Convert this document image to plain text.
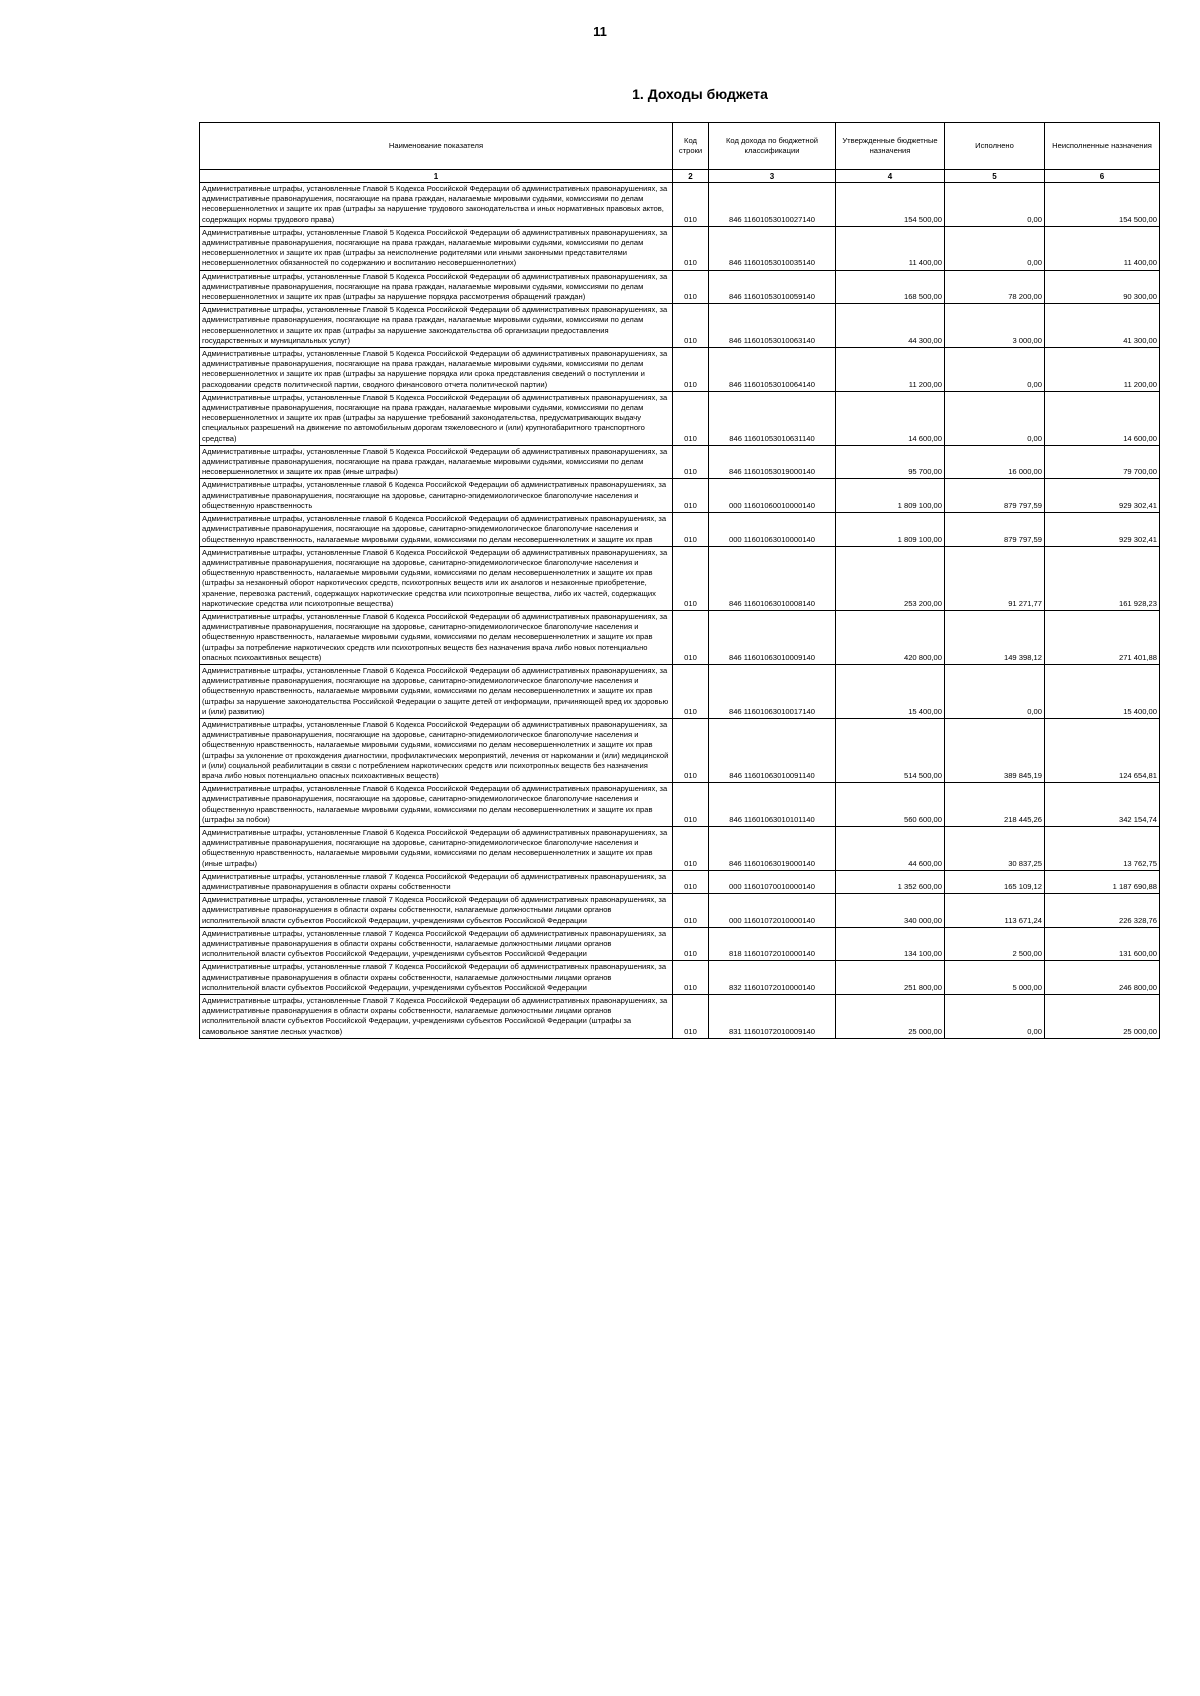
11
1. Доходы бюджета
Наименование показателя	Код строки	Код дохода по бюджетной классификации	Утвержденные бюджетные назначения	Исполнено	Неисполненные назначения
1	2	3	4	5	6
Административные штрафы, установленные Главой 5 Кодекса Российской Федерации об административных правонарушениях, за административные правонарушения, посягающие на права граждан, налагаемые мировыми судьями, комиссиями по делам несовершеннолетних и защите их прав (штрафы за нарушение трудового законодательства и иных нормативных правовых актов, содержащих нормы трудового права)	010	846 11601053010027140	154 500,00	0,00	154 500,00
Административные штрафы, установленные Главой 5 Кодекса Российской Федерации об административных правонарушениях, за административные правонарушения, посягающие на права граждан, налагаемые мировыми судьями, комиссиями по делам несовершеннолетних и защите их прав (штрафы за неисполнение родителями или иными законными представителями несовершеннолетних обязанностей по содержанию и воспитанию несовершеннолетних)	010	846 11601053010035140	11 400,00	0,00	11 400,00
Административные штрафы, установленные Главой 5 Кодекса Российской Федерации об административных правонарушениях, за административные правонарушения, посягающие на права граждан, налагаемые мировыми судьями, комиссиями по делам несовершеннолетних и защите их прав (штрафы за нарушение порядка рассмотрения обращений граждан)	010	846 11601053010059140	168 500,00	78 200,00	90 300,00
Административные штрафы, установленные Главой 5 Кодекса Российской Федерации об административных правонарушениях, за административные правонарушения, посягающие на права граждан, налагаемые мировыми судьями, комиссиями по делам несовершеннолетних и защите их прав (штрафы за нарушение законодательства об организации предоставления государственных и муниципальных услуг)	010	846 11601053010063140	44 300,00	3 000,00	41 300,00
Административные штрафы, установленные Главой 5 Кодекса Российской Федерации об административных правонарушениях, за административные правонарушения, посягающие на права граждан, налагаемые мировыми судьями, комиссиями по делам несовершеннолетних и защите их прав (штрафы за нарушение порядка или срока представления сведений о поступлении и расходовании средств политической партии, сводного финансового отчета политической партии)	010	846 11601053010064140	11 200,00	0,00	11 200,00
Административные штрафы, установленные Главой 5 Кодекса Российской Федерации об административных правонарушениях, за административные правонарушения, посягающие на права граждан, налагаемые мировыми судьями, комиссиями по делам несовершеннолетних и защите их прав (штрафы за нарушение требований законодательства, предусматривающих выдачу специальных разрешений на движение по автомобильным дорогам тяжеловесного и (или) крупногабаритного транспортного средства)	010	846 11601053010631140	14 600,00	0,00	14 600,00
Административные штрафы, установленные Главой 5 Кодекса Российской Федерации об административных правонарушениях, за административные правонарушения, посягающие на права граждан, налагаемые мировыми судьями, комиссиями по делам несовершеннолетних и защите их прав (иные штрафы)	010	846 11601053019000140	95 700,00	16 000,00	79 700,00
Административные штрафы, установленные главой 6 Кодекса Российской Федерации об административных правонарушениях, за административные правонарушения, посягающие на здоровье, санитарно-эпидемиологическое благополучие населения и общественную нравственность	010	000 11601060010000140	1 809 100,00	879 797,59	929 302,41
Административные штрафы, установленные главой 6 Кодекса Российской Федерации об административных правонарушениях, за административные правонарушения, посягающие на здоровье, санитарно-эпидемиологическое благополучие населения и общественную нравственность, налагаемые мировыми судьями, комиссиями по делам несовершеннолетних и защите их прав	010	000 11601063010000140	1 809 100,00	879 797,59	929 302,41
Административные штрафы, установленные Главой 6 Кодекса Российской Федерации об административных правонарушениях, за административные правонарушения, посягающие на здоровье, санитарно-эпидемиологическое благополучие населения и общественную нравственность, налагаемые мировыми судьями, комиссиями по делам несовершеннолетних и защите их прав (штрафы за незаконный оборот наркотических средств, психотропных веществ или их аналогов и незаконные приобретение, хранение, перевозка растений, содержащих наркотические средства или психотропные вещества, либо их частей, содержащих наркотические средства или психотропные вещества)	010	846 11601063010008140	253 200,00	91 271,77	161 928,23
Административные штрафы, установленные Главой 6 Кодекса Российской Федерации об административных правонарушениях, за административные правонарушения, посягающие на здоровье, санитарно-эпидемиологическое благополучие населения и общественную нравственность, налагаемые мировыми судьями, комиссиями по делам несовершеннолетних и защите их прав (штрафы за потребление наркотических средств или психотропных веществ без назначения врача либо новых потенциально опасных психоактивных веществ)	010	846 11601063010009140	420 800,00	149 398,12	271 401,88
Административные штрафы, установленные Главой 6 Кодекса Российской Федерации об административных правонарушениях, за административные правонарушения, посягающие на здоровье, санитарно-эпидемиологическое благополучие населения и общественную нравственность, налагаемые мировыми судьями, комиссиями по делам несовершеннолетних и защите их прав (штрафы за нарушение законодательства Российской Федерации о защите детей от информации, причиняющей вред их здоровью и (или) развитию)	010	846 11601063010017140	15 400,00	0,00	15 400,00
Административные штрафы, установленные Главой 6 Кодекса Российской Федерации об административных правонарушениях, за административные правонарушения, посягающие на здоровье, санитарно-эпидемиологическое благополучие населения и общественную нравственность, налагаемые мировыми судьями, комиссиями по делам несовершеннолетних и защите их прав (штрафы за уклонение от прохождения диагностики, профилактических мероприятий, лечения от наркомании и (или) медицинской и (или) социальной реабилитации в связи с потреблением наркотических средств или психотропных веществ без назначения врача либо новых потенциально опасных психоактивных веществ)	010	846 11601063010091140	514 500,00	389 845,19	124 654,81
Административные штрафы, установленные Главой 6 Кодекса Российской Федерации об административных правонарушениях, за административные правонарушения, посягающие на здоровье, санитарно-эпидемиологическое благополучие населения и общественную нравственность, налагаемые мировыми судьями, комиссиями по делам несовершеннолетних и защите их прав (штрафы за побои)	010	846 11601063010101140	560 600,00	218 445,26	342 154,74
Административные штрафы, установленные Главой 6 Кодекса Российской Федерации об административных правонарушениях, за административные правонарушения, посягающие на здоровье, санитарно-эпидемиологическое благополучие населения и общественную нравственность, налагаемые мировыми судьями, комиссиями по делам несовершеннолетних и защите их прав (иные штрафы)	010	846 11601063019000140	44 600,00	30 837,25	13 762,75
Административные штрафы, установленные главой 7 Кодекса Российской Федерации об административных правонарушениях, за административные правонарушения в области охраны собственности	010	000 11601070010000140	1 352 600,00	165 109,12	1 187 690,88
Административные штрафы, установленные главой 7 Кодекса Российской Федерации об административных правонарушениях, за административные правонарушения в области охраны собственности, налагаемые должностными лицами органов исполнительной власти субъектов Российской Федерации, учреждениями субъектов Российской Федерации	010	000 11601072010000140	340 000,00	113 671,24	226 328,76
Административные штрафы, установленные главой 7 Кодекса Российской Федерации об административных правонарушениях, за административные правонарушения в области охраны собственности, налагаемые должностными лицами органов исполнительной власти субъектов Российской Федерации, учреждениями субъектов Российской Федерации	010	818 11601072010000140	134 100,00	2 500,00	131 600,00
Административные штрафы, установленные главой 7 Кодекса Российской Федерации об административных правонарушениях, за административные правонарушения в области охраны собственности, налагаемые должностными лицами органов исполнительной власти субъектов Российской Федерации, учреждениями субъектов Российской Федерации	010	832 11601072010000140	251 800,00	5 000,00	246 800,00
Административные штрафы, установленные Главой 7 Кодекса Российской Федерации об административных правонарушениях, за административные правонарушения в области охраны собственности, налагаемые должностными лицами органов исполнительной власти субъектов Российской Федерации, учреждениями субъектов Российской Федерации (штрафы за самовольное занятие лесных участков)	010	831 11601072010009140	25 000,00	0,00	25 000,00
